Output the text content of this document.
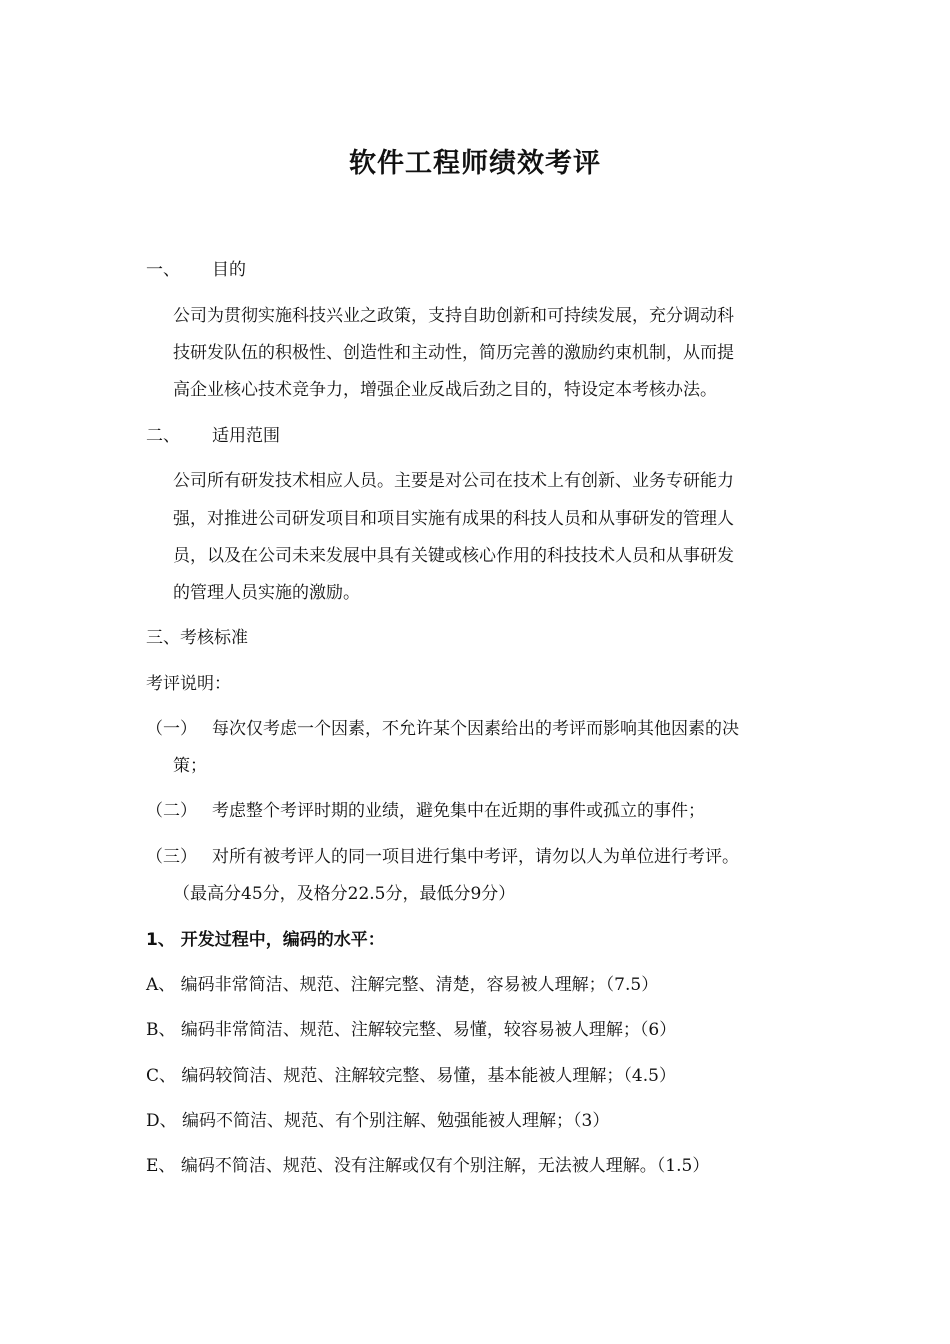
软件工程师绩效考评
一、 目的
公司为贯彻实施科技兴业之政策，支持自助创新和可持续发展，充分调动科
技研发队伍的积极性、创造性和主动性，简历完善的激励约束机制，从而提
高企业核心技术竞争力，增强企业反战后劲之目的，特设定本考核办法。
二、 适用范围
公司所有研发技术相应人员。主要是对公司在技术上有创新、业务专研能力
强，对推进公司研发项目和项目实施有成果的科技人员和从事研发的管理人
员，以及在公司未来发展中具有关键或核心作用的科技技术人员和从事研发
的管理人员实施的激励。
三、考核标准
考评说明：
（一） 每次仅考虑一个因素，不允许某个因素给出的考评而影响其他因素的决
策；
（二） 考虑整个考评时期的业绩，避免集中在近期的事件或孤立的事件；
（三） 对所有被考评人的同一项目进行集中考评，请勿以人为单位进行考评。
（最高分45分，及格分22.5分，最低分9分）
1、 开发过程中，编码的水平：
A、 编码非常简洁、规范、注解完整、清楚，容易被人理解；（7.5）
B、 编码非常简洁、规范、注解较完整、易懂，较容易被人理解；（6）
C、 编码较简洁、规范、注解较完整、易懂，基本能被人理解；（4.5）
D、 编码不简洁、规范、有个别注解、勉强能被人理解；（3）
E、 编码不简洁、规范、没有注解或仅有个别注解，无法被人理解。（1.5）
